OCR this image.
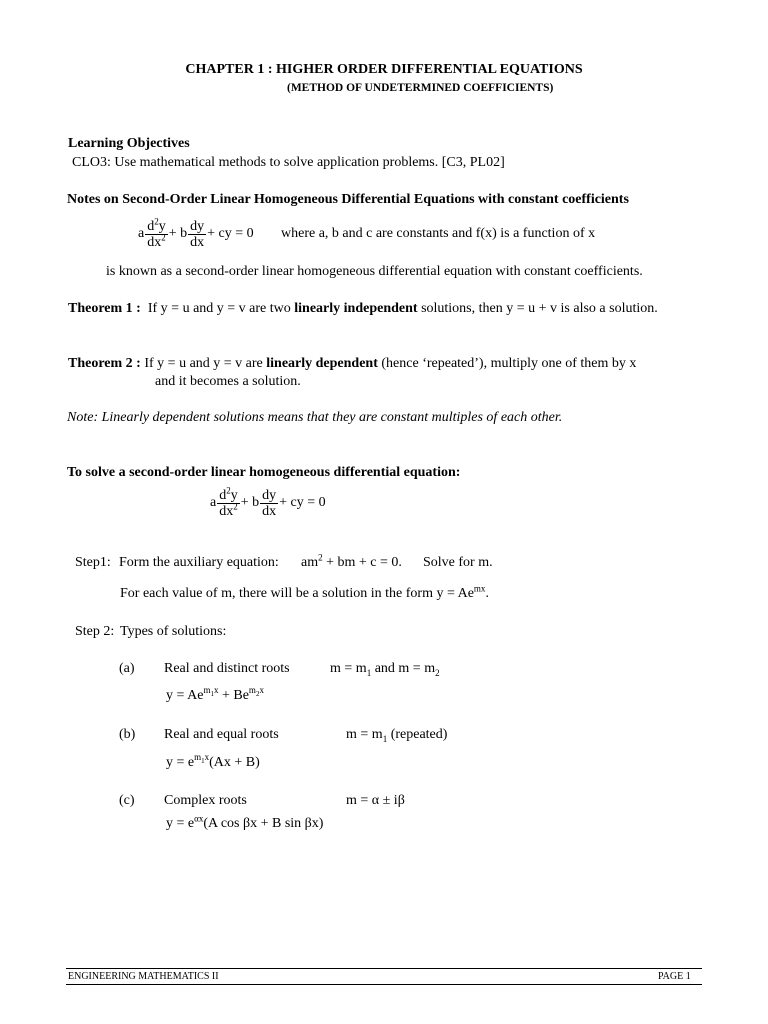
CHAPTER 1 : HIGHER ORDER DIFFERENTIAL EQUATIONS
(METHOD OF UNDETERMINED COEFFICIENTS)
Learning Objectives
CLO3: Use mathematical methods to solve application problems. [C3, PL02]
Notes on Second-Order Linear Homogeneous Differential Equations with constant coefficients
a $\frac{d^2y}{dx^2} + b \frac{dy}{dx}$ + cy = 0 where a, b and c are constants and f(x) is a function of x
is known as a second-order linear homogeneous differential equation with constant coefficients.
Theorem 1 : If y = u and y = v are two linearly independent solutions, then y = u + v is also a solution.
Theorem 2 : If y = u and y = v are linearly dependent (hence ‘repeated’), multiply one of them by x
and it becomes a solution.
Note: Linearly dependent solutions means that they are constant multiples of each other.
To solve a second-order linear homogeneous differential equation:
a $\frac{d^2y}{dx^2} + b \frac{dy}{dx}$ + cy = 0
Step1: Form the auxiliary equation: $am^2$ + bm + c = 0. Solve for m.
For each value of m, there will be a solution in the form $y = Ae^{mx}$.
Step 2: Types of solutions:
(a) Real and distinct roots	$m = m_1$ and $m = m_2$
$y = Ae^{m_1x} + Be^{m_2x}$
(b) Real and equal roots	$m = m_1$ (repeated)
$y = e^{m_1x}(Ax + B)$
(c) Complex roots	m = α ± iβ
$y = e^{\alpha x}(A$ cos βx + B sin βx)
ENGINEERING MATHEMATICS II	PAGE 1
